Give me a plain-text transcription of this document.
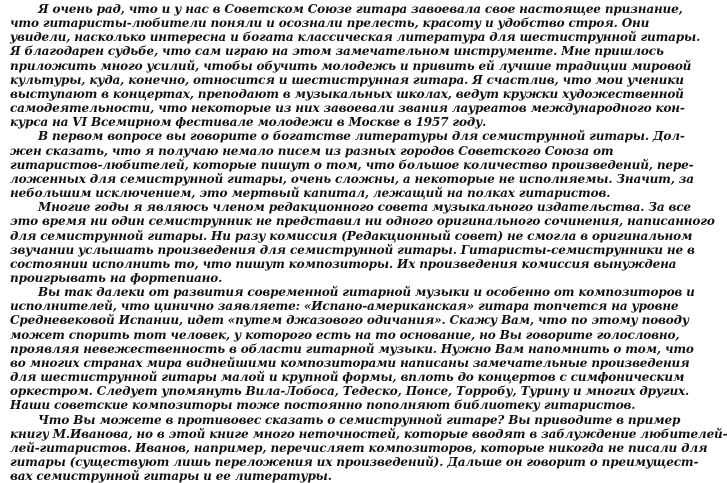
Я очень рад, что и у нас в Советском Союзе гитара завоевала свое настоящее признание,
что гитаристы-любители поняли и осознали прелесть, красоту и удобство строя. Они
увидели, насколько интересна и богата классическая литература для шестиструнной гитары.
Я благодарен судьбе, что сам играю на этом замечательном инструменте. Мне пришлось
приложить много усилий, чтобы обучить молодежь и привить ей лучшие традиции мировой
культуры, куда, конечно, относится и шестиструнная гитара. Я счастлив, что мои ученики
выступают в концертах, преподают в музыкальных школах, ведут кружки художественной
самодеятельности, что некоторые из них завоевали звания лауреатов международного кон-
курса на VI Всемирном фестивале молодежи в Москве в 1957 году.
В первом вопросе вы говорите о богатстве литературы для семиструнной гитары. Дол-
жен сказать, что я получаю немало писем из разных городов Советского Союза от
гитаристов-любителей, которые пишут о том, что большое количество произведений, пере-
ложенных для семиструнной гитары, очень сложны, а некоторые не исполняемы. Значит, за
небольшим исключением, это мертвый капитал, лежащий на полках гитаристов.
Многие годы я являюсь членом редакционного совета музыкального издательства. За все
это время ни один семиструнник не представил ни одного оригинального сочинения, написанного
для семиструнной гитары. Ни разу комиссия (Редакционный совет) не смогла в оригинальном
звучании услышать произведения для семиструнной гитары. Гитаристы-семиструнники не в
состоянии исполнить то, что пишут композиторы. Их произведения комиссия вынуждена
проигрывать на фортепиано.
Вы так далеки от развития современной гитарной музыки и особенно от композиторов и
исполнителей, что цинично заявляете: «Испано-американская» гитара топчется на уровне
Средневековой Испании, идет «путем джазового одичания». Скажу Вам, что по этому поводу
может спорить тот человек, у которого есть на то основание, но Вы говорите голословно,
проявляя невежественность в области гитарной музыки. Нужно Вам напомнить о том, что
во многих странах мира виднейшими композиторами написаны замечательные произведения
для шестиструнной гитары малой и крупной формы, вплоть до концертов с симфоническим
оркестром. Следует упомянуть Вила-Лобоса, Тедеско, Понсе, Торробу, Турину и многих других.
Наши советские композиторы тоже постоянно пополняют библиотеку гитаристов.
Что Вы можете в противовес сказать о семиструнной гитаре? Вы приводите в пример
книгу М.Иванова, но в этой книге много неточностей, которые вводят в заблуждение любителей-
лей-гитаристов. Иванов, например, перечисляет композиторов, которые никогда не писали для
гитары (существуют лишь переложения их произведений). Дальше он говорит о преимущест-
вах семиструнной гитары и ее литературы.
